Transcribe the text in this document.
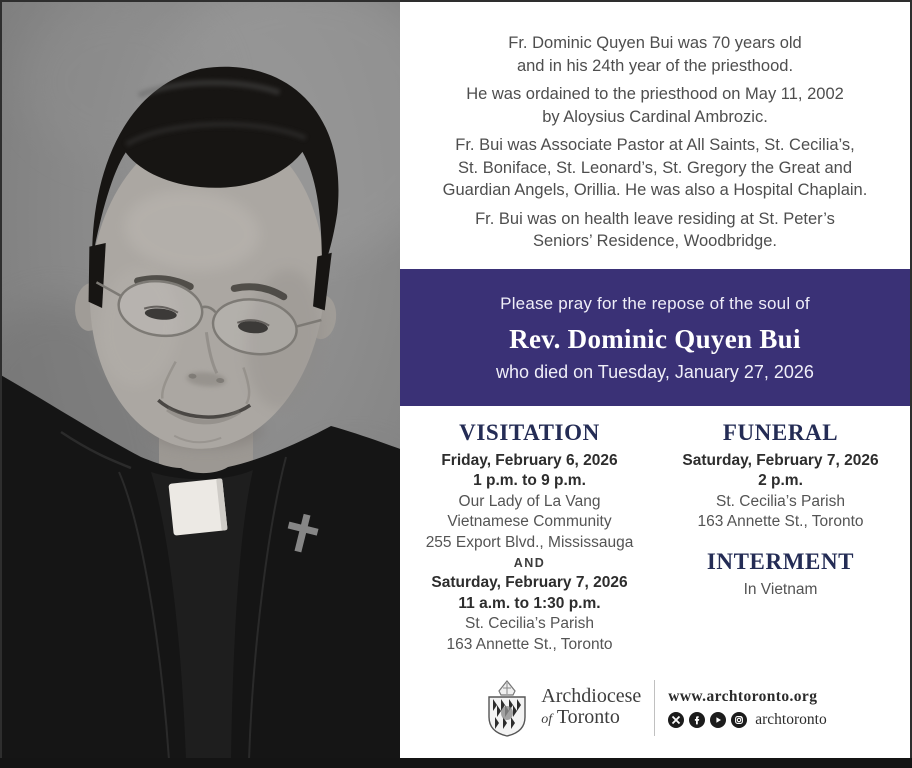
Fr. Dominic Quyen Bui was 70 years old
and in his 24th year of the priesthood.

He was ordained to the priesthood on May 11, 2002
by Aloysius Cardinal Ambrozic.

Fr. Bui was Associate Pastor at All Saints, St. Cecilia’s,
St. Boniface, St. Leonard’s, St. Gregory the Great and
Guardian Angels, Orillia. He was also a Hospital Chaplain.

Fr. Bui was on health leave residing at St. Peter’s
Seniors’ Residence, Woodbridge.

Please pray for the repose of the soul of
Rev. Dominic Quyen Bui
who died on Tuesday, January 27, 2026
VISITATION
Friday, February 6, 2026
1 p.m. to 9 p.m.
Our Lady of La Vang
Vietnamese Community
255 Export Blvd., Mississauga
AND
Saturday, February 7, 2026
11 a.m. to 1:30 p.m.
St. Cecilia’s Parish
163 Annette St., Toronto
FUNERAL
Saturday, February 7, 2026
2 p.m.
St. Cecilia’s Parish
163 Annette St., Toronto
INTERMENT
In Vietnam
Archdiocese
of Toronto
www.archtoronto.org
archtoronto
